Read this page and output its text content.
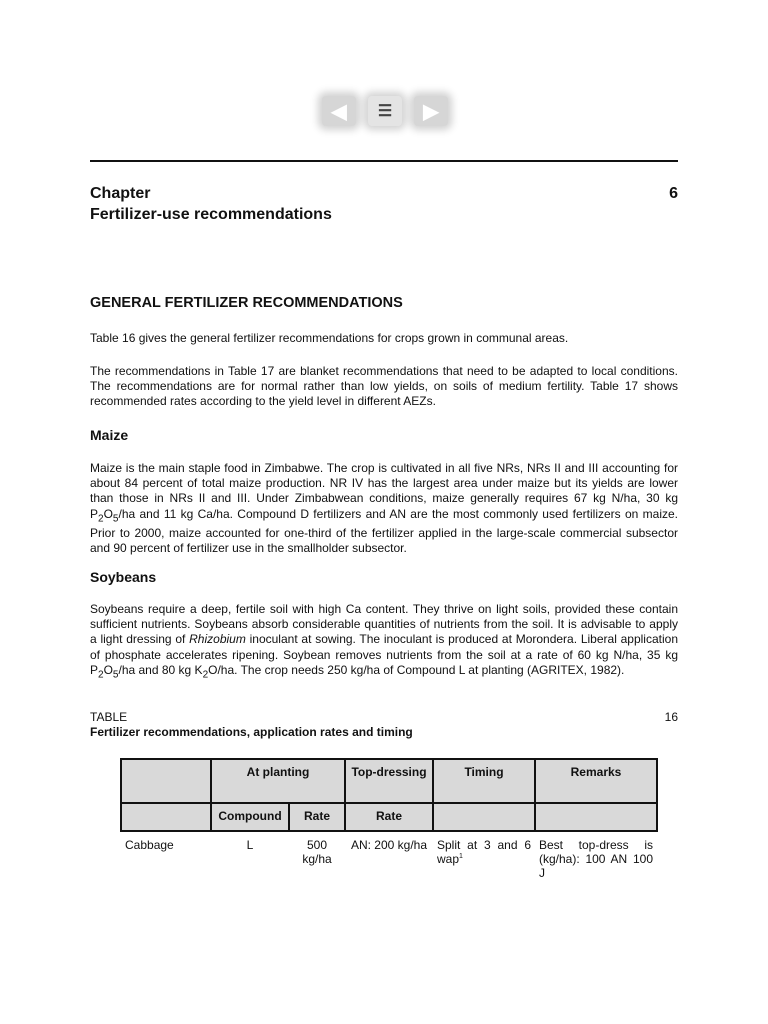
◀	☰	▶
Chapter	6
Fertilizer-use recommendations
GENERAL FERTILIZER RECOMMENDATIONS

Table 16 gives the general fertilizer recommendations for crops grown in communal areas.

The recommendations in Table 17 are blanket recommendations that need to be adapted to local conditions. The recommendations are for normal rather than low yields, on soils of medium fertility. Table 17 shows recommended rates according to the yield level in different AEZs.

Maize

Maize is the main staple food in Zimbabwe. The crop is cultivated in all five NRs, NRs II and III accounting for about 84 percent of total maize production. NR IV has the largest area under maize but its yields are lower than those in NRs II and III. Under Zimbabwean conditions, maize generally requires 67 kg N/ha, 30 kg $P_2O_5/ha$ and 11 kg Ca/ha. Compound D fertilizers and AN are the most commonly used fertilizers on maize. Prior to 2000, maize accounted for one-third of the fertilizer applied in the large-scale commercial subsector and 90 percent of fertilizer use in the smallholder subsector.

Soybeans

Soybeans require a deep, fertile soil with high Ca content. They thrive on light soils, provided these contain sufficient nutrients. Soybeans absorb considerable quantities of nutrients from the soil. It is advisable to apply a light dressing of Rhizobium inoculant at sowing. The inoculant is produced at Morondera. Liberal application of phosphate accelerates ripening. Soybean removes nutrients from the soil at a rate of 60 kg N/ha, 35 kg $P_2O_5/ha$ and 80 kg $K_2O/ha$. The crop needs 250 kg/ha of Compound L at planting (AGRITEX, 1982).

TABLE	16
Fertilizer recommendations, application rates and timing
	At planting		Top-dressing	Timing	Remarks
	Compound	Rate	Rate		
Cabbage	L	500 kg/ha	AN: 200 kg/ha	Split at 3 and 6 wap$^1$	Best top-dress is (kg/ha): 100 AN 100 J
